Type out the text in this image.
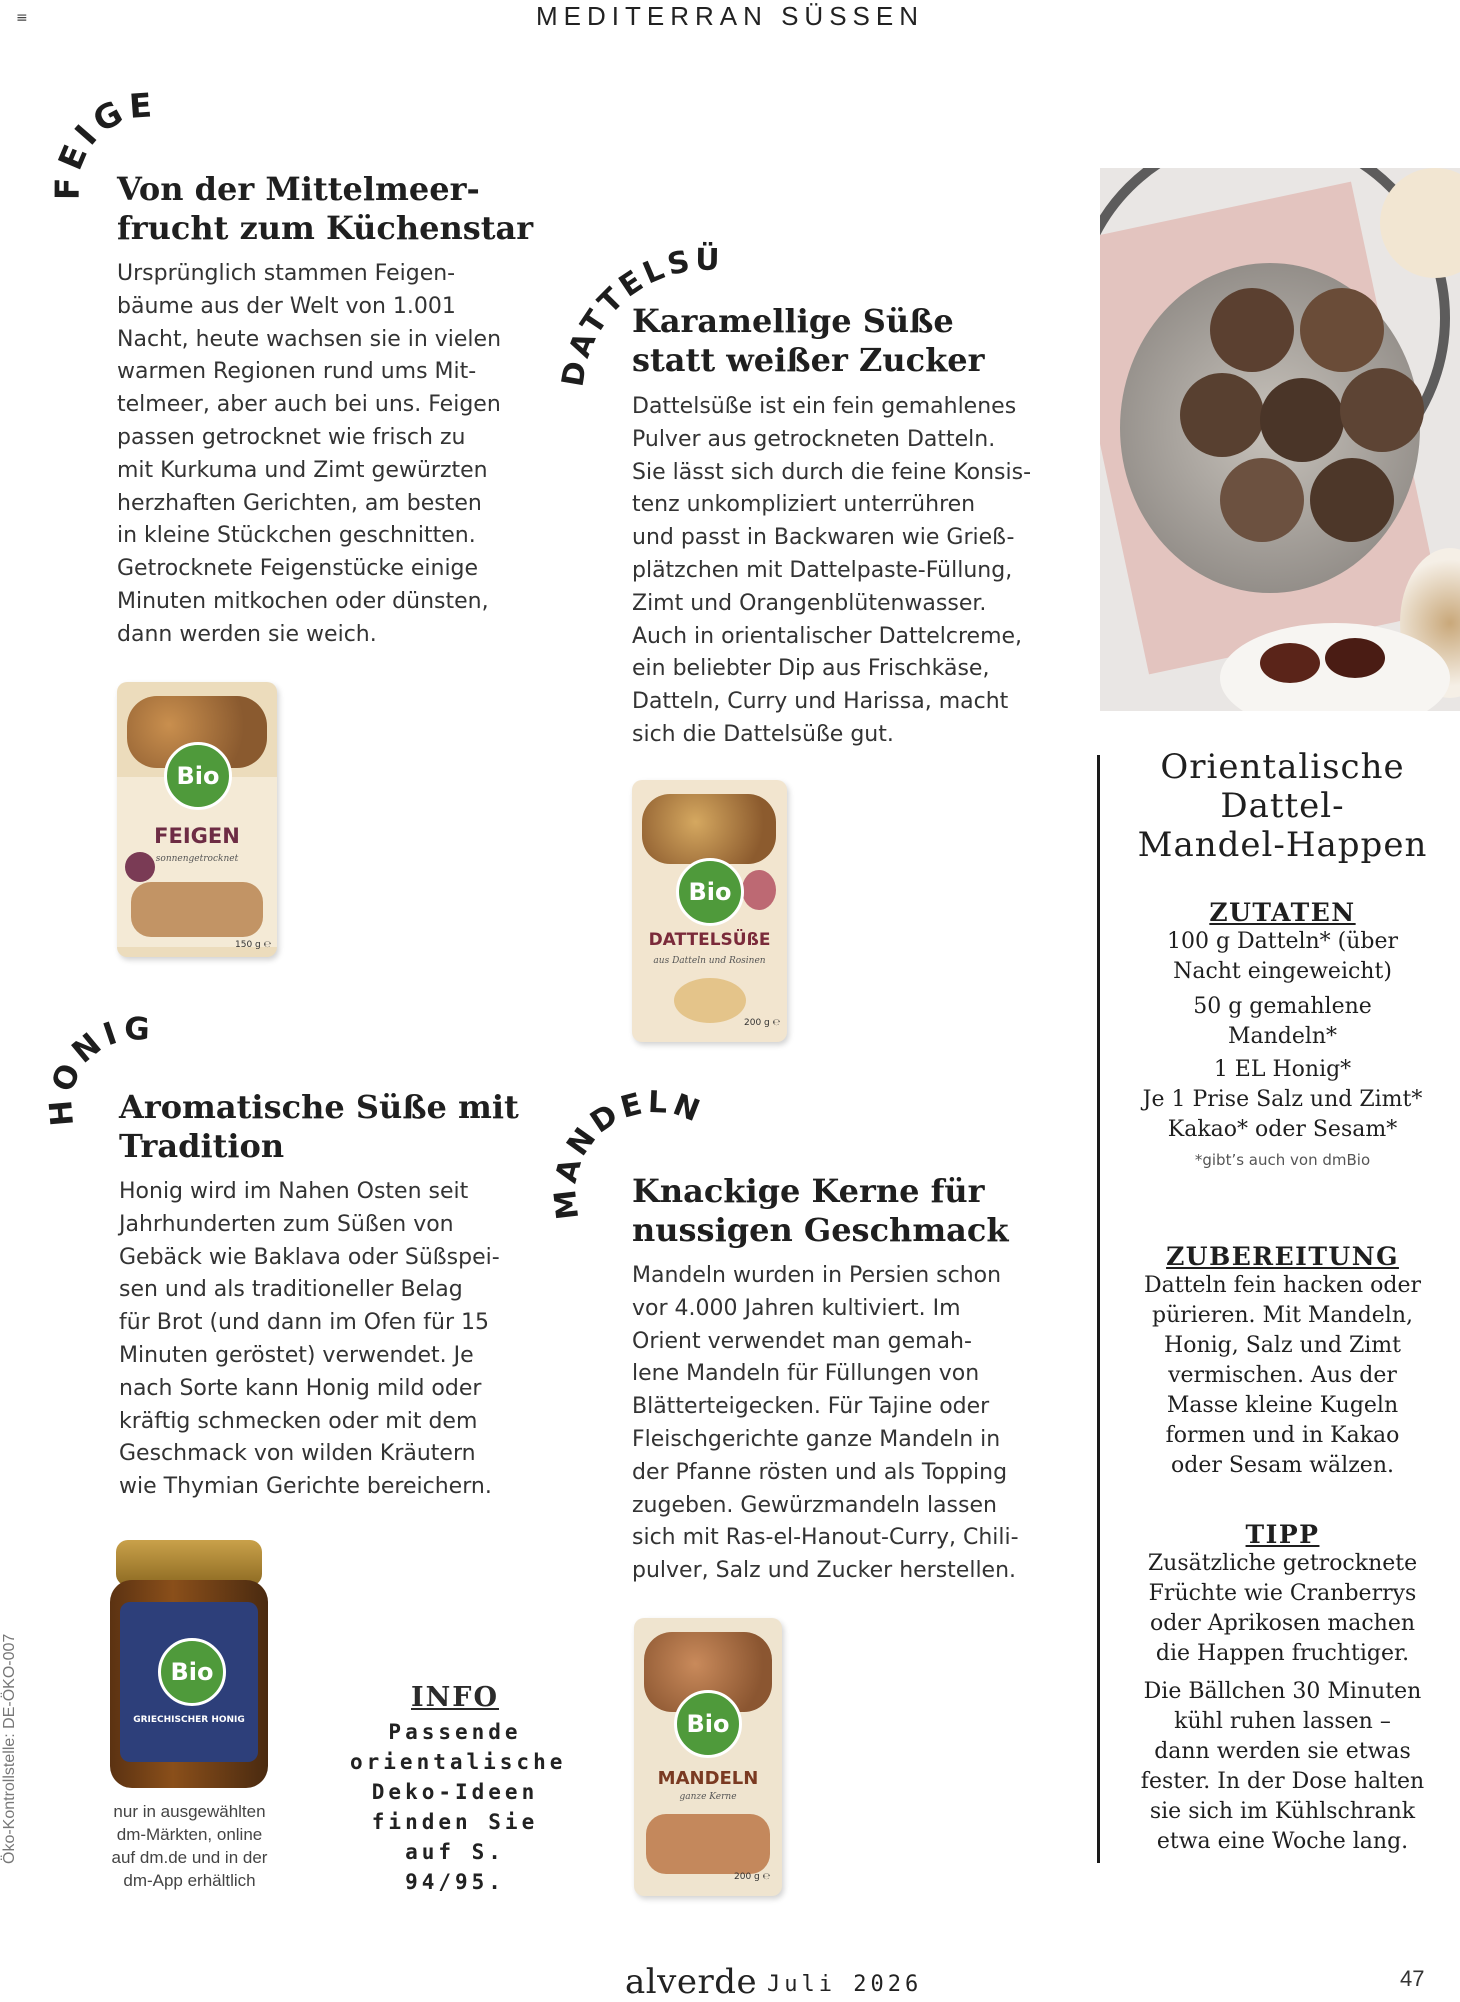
≡	MEDITERRAN SÜSSEN
FEIGEN
DATTELSÜSSE
HONIG
MANDELN
Von der Mittelmeer-
frucht zum Küchenstar
Ursprünglich stammen Feigen-
bäume aus der Welt von 1.001
Nacht, heute wachsen sie in vielen
warmen Regionen rund ums Mit-
telmeer, aber auch bei uns. Feigen
passen getrocknet wie frisch zu
mit Kurkuma und Zimt gewürzten
herzhaften Gerichten, am besten
in kleine Stückchen geschnitten.
Getrocknete Feigenstücke einige
Minuten mitkochen oder dünsten,
dann werden sie weich.
Karamellige Süße
statt weißer Zucker
Dattelsüße ist ein fein gemahlenes
Pulver aus getrockneten Datteln.
Sie lässt sich durch die feine Konsis-
tenz unkompliziert unterrühren
und passt in Backwaren wie Grieß-
plätzchen mit Dattelpaste-Füllung,
Zimt und Orangenblütenwasser.
Auch in orientalischer Dattelcreme,
ein beliebter Dip aus Frischkäse,
Datteln, Curry und Harissa, macht
sich die Dattelsüße gut.
Aromatische Süße mit
Tradition
Honig wird im Nahen Osten seit
Jahrhunderten zum Süßen von
Gebäck wie Baklava oder Süßspei-
sen und als traditioneller Belag
für Brot (und dann im Ofen für 15
Minuten geröstet) verwendet. Je
nach Sorte kann Honig mild oder
kräftig schmecken oder mit dem
Geschmack von wilden Kräutern
wie Thymian Gerichte bereichern.
Knackige Kerne für
nussigen Geschmack
Mandeln wurden in Persien schon
vor 4.000 Jahren kultiviert. Im
Orient verwendet man gemah-
lene Mandeln für Füllungen von
Blätterteigecken. Für Tajine oder
Fleischgerichte ganze Mandeln in
der Pfanne rösten und als Topping
zugeben. Gewürzmandeln lassen
sich mit Ras-el-Hanout-Curry, Chili-
pulver, Salz und Zucker herstellen.
Bio
FEIGEN
sonnengetrocknet
150 g ℮
Bio
DATTELSÜßE
aus Datteln und Rosinen
200 g ℮
Bio
GRIECHISCHER HONIG	Bio
MANDELN
ganze Kerne
200 g ℮
Orientalische
Dattel-
Mandel-Happen
ZUTATEN
100 g Datteln* (über
Nacht eingeweicht)
50 g gemahlene
Mandeln*
1 EL Honig*
Je 1 Prise Salz und Zimt*
Kakao* oder Sesam*
*gibt’s auch von dmBio
ZUBEREITUNG
Datteln fein hacken oder
pürieren. Mit Mandeln,
Honig, Salz und Zimt
vermischen. Aus der
Masse kleine Kugeln
formen und in Kakao
oder Sesam wälzen.
TIPP
Zusätzliche getrocknete
Früchte wie Cranberrys
oder Aprikosen machen
die Happen fruchtiger.
Die Bällchen 30 Minuten
kühl ruhen lassen –
dann werden sie etwas
fester. In der Dose halten
sie sich im Kühlschrank
etwa eine Woche lang.
INFO
Passende
orientalische
Deko-Ideen
finden Sie
auf S. 94/95.
nur in ausgewählten
dm-Märkten, online
auf dm.de und in der
dm-App erhältlich
Öko-Kontrollstelle: DE-ÖKO-007
alverde Juli 2026	47
